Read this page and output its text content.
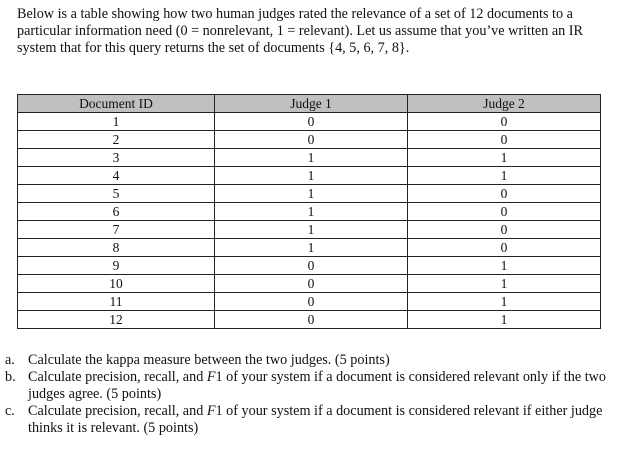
Below is a table showing how two human judges rated the relevance of a set of 12 documents to a particular information need (0 = nonrelevant, 1 = relevant). Let us assume that you’ve written an IR system that for this query returns the set of documents {4, 5, 6, 7, 8}.
Document ID	Judge 1	Judge 2
1	0	0
2	0	0
3	1	1
4	1	1
5	1	0
6	1	0
7	1	0
8	1	0
9	0	1
10	0	1
11	0	1
12	0	1
a. Calculate the kappa measure between the two judges. (5 points)
b. Calculate precision, recall, and F1 of your system if a document is considered relevant only if the two judges agree. (5 points)
c. Calculate precision, recall, and F1 of your system if a document is considered relevant if either judge thinks it is relevant. (5 points)
